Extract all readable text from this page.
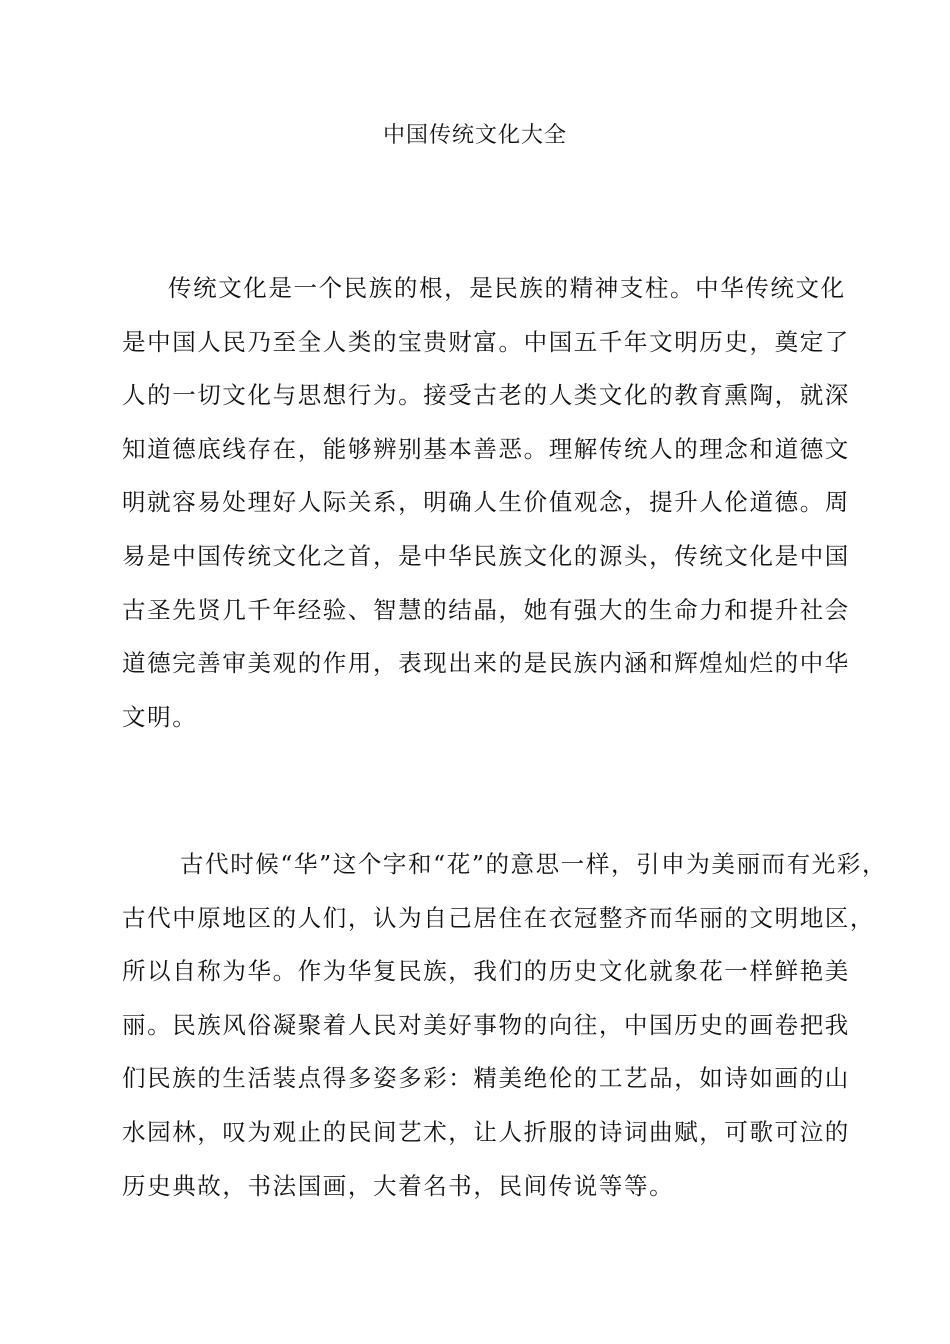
中国传统文化大全

传统文化是一个民族的根，是民族的精神支柱。中华传统文化
是中国人民乃至全人类的宝贵财富。中国五千年文明历史，奠定了
人的一切文化与思想行为。接受古老的人类文化的教育熏陶，就深
知道德底线存在，能够辨别基本善恶。理解传统人的理念和道德文
明就容易处理好人际关系，明确人生价值观念，提升人伦道德。周
易是中国传统文化之首，是中华民族文化的源头，传统文化是中国
古圣先贤几千年经验、智慧的结晶，她有强大的生命力和提升社会
道德完善审美观的作用，表现出来的是民族内涵和辉煌灿烂的中华
文明。

古代时候“华”这个字和“花”的意思一样，引申为美丽而有光彩，
古代中原地区的人们，认为自己居住在衣冠整齐而华丽的文明地区，
所以自称为华。作为华复民族，我们的历史文化就象花一样鲜艳美
丽。民族风俗凝聚着人民对美好事物的向往，中国历史的画卷把我
们民族的生活装点得多姿多彩：精美绝伦的工艺品，如诗如画的山
水园林，叹为观止的民间艺术，让人折服的诗词曲赋，可歌可泣的
历史典故，书法国画，大着名书，民间传说等等。
